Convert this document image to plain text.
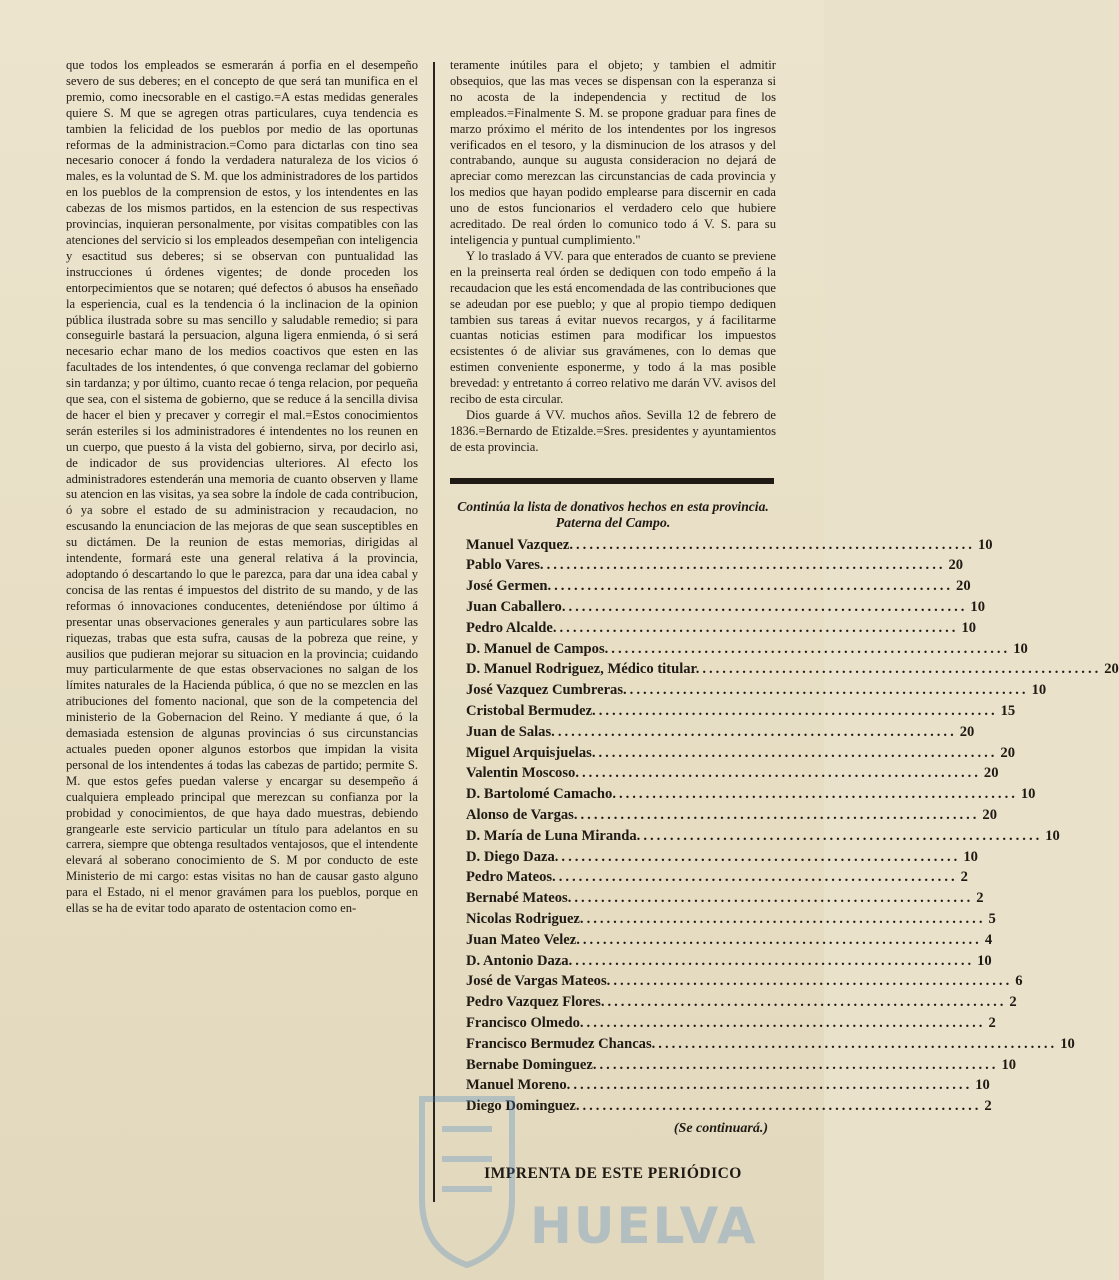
que todos los empleados se esmerarán á porfia en el desempeño severo de sus deberes; en el concepto de que será tan munifica en el premio, como inecsorable en el castigo.=A estas medidas generales quiere S. M que se agregen otras particulares, cuya tendencia es tambien la felicidad de los pueblos por medio de las oportunas reformas de la administracion.=Como para dictarlas con tino sea necesario conocer á fondo la verdadera naturaleza de los vicios ó males, es la voluntad de S. M. que los administradores de los partidos en los pueblos de la comprension de estos, y los intendentes en las cabezas de los mismos partidos, en la estencion de sus respectivas provincias, inquieran personalmente, por visitas compatibles con las atenciones del servicio si los empleados desempeñan con inteligencia y esactitud sus deberes; si se observan con puntualidad las instrucciones ú órdenes vigentes; de donde proceden los entorpecimientos que se notaren; qué defectos ó abusos ha enseñado la esperiencia, cual es la tendencia ó la inclinacion de la opinion pública ilustrada sobre su mas sencillo y saludable remedio; si para conseguirle bastará la persuacion, alguna ligera enmienda, ó si será necesario echar mano de los medios coactivos que esten en las facultades de los intendentes, ó que convenga reclamar del gobierno sin tardanza; y por último, cuanto recae ó tenga relacion, por pequeña que sea, con el sistema de gobierno, que se reduce á la sencilla divisa de hacer el bien y precaver y corregir el mal.=Estos conocimientos serán esteriles si los administradores é intendentes no los reunen en un cuerpo, que puesto á la vista del gobierno, sirva, por decirlo asi, de indicador de sus providencias ulteriores. Al efecto los administradores estenderán una memoria de cuanto observen y llame su atencion en las visitas, ya sea sobre la índole de cada contribucion, ó ya sobre el estado de su administracion y recaudacion, no escusando la enunciacion de las mejoras de que sean susceptibles en su dictámen. De la reunion de estas memorias, dirigidas al intendente, formará este una general relativa á la provincia, adoptando ó descartando lo que le parezca, para dar una idea cabal y concisa de las rentas é impuestos del distrito de su mando, y de las reformas ó innovaciones conducentes, deteniéndose por último á presentar unas observaciones generales y aun particulares sobre las riquezas, trabas que esta sufra, causas de la pobreza que reine, y ausilios que pudieran mejorar su situacion en la provincia; cuidando muy particularmente de que estas observaciones no salgan de los límites naturales de la Hacienda pública, ó que no se mezclen en las atribuciones del fomento nacional, que son de la competencia del ministerio de la Gobernacion del Reino. Y mediante á que, ó la demasiada estension de algunas provincias ó sus circunstancias actuales pueden oponer algunos estorbos que impidan la visita personal de los intendentes á todas las cabezas de partido; permite S. M. que estos gefes puedan valerse y encargar su desempeño á cualquiera empleado principal que merezcan su confianza por la probidad y conocimientos, de que haya dado muestras, debiendo grangearle este servicio particular un título para adelantos en su carrera, siempre que obtenga resultados ventajosos, que el intendente elevará al soberano conocimiento de S. M por conducto de este Ministerio de mi cargo: estas visitas no han de causar gasto alguno para el Estado, ni el menor gravámen para los pueblos, porque en ellas se ha de evitar todo aparato de ostentacion como en-

teramente inútiles para el objeto; y tambien el admitir obsequios, que las mas veces se dispensan con la esperanza si no acosta de la independencia y rectitud de los empleados.=Finalmente S. M. se propone graduar para fines de marzo próximo el mérito de los intendentes por los ingresos verificados en el tesoro, y la disminucion de los atrasos y del contrabando, aunque su augusta consideracion no dejará de apreciar como merezcan las circunstancias de cada provincia y los medios que hayan podido emplearse para discernir en cada uno de estos funcionarios el verdadero celo que hubiere acreditado. De real órden lo comunico todo á V. S. para su inteligencia y puntual cumplimiento."

Y lo traslado á VV. para que enterados de cuanto se previene en la preinserta real órden se dediquen con todo empeño á la recaudacion que les está encomendada de las contribuciones que se adeudan por ese pueblo; y que al propio tiempo dediquen tambien sus tareas á evitar nuevos recargos, y á facilitarme cuantas noticias estimen para modificar los impuestos ecsistentes ó de aliviar sus gravámenes, con lo demas que estimen conveniente esponerme, y todo á la mas posible brevedad: y entretanto á correo relativo me darán VV. avisos del recibo de esta circular.

Dios guarde á VV. muchos años. Sevilla 12 de febrero de 1836.=Bernardo de Etizalde.=Sres. presidentes y ayuntamientos de esta provincia.

Continúa la lista de donativos hechos en esta provincia.
Paterna del Campo.
Manuel Vazquez. ............................................................ 10
Pablo Vares. ............................................................ 20
José Germen. ............................................................ 20
Juan Caballero. ............................................................ 10
Pedro Alcalde. ............................................................ 10
D. Manuel de Campos. ............................................................ 10
D. Manuel Rodriguez, Médico titular. ............................................................ 20
José Vazquez Cumbreras. ............................................................ 10
Cristobal Bermudez. ............................................................ 15
Juan de Salas. ............................................................ 20
Miguel Arquisjuelas. ............................................................ 20
Valentin Moscoso. ............................................................ 20
D. Bartolomé Camacho. ............................................................ 10
Alonso de Vargas. ............................................................ 20
D. María de Luna Miranda. ............................................................ 10
D. Diego Daza. ............................................................ 10
Pedro Mateos. ............................................................ 2
Bernabé Mateos. ............................................................ 2
Nicolas Rodriguez. ............................................................ 5
Juan Mateo Velez. ............................................................ 4
D. Antonio Daza. ............................................................ 10
José de Vargas Mateos. ............................................................ 6
Pedro Vazquez Flores. ............................................................ 2
Francisco Olmedo. ............................................................ 2
Francisco Bermudez Chancas. ............................................................ 10
Bernabe Dominguez. ............................................................ 10
Manuel Moreno. ............................................................ 10
Diego Dominguez. ............................................................ 2
(Se continuará.)
IMPRENTA DE ESTE PERIÓDICO
HUELVA
